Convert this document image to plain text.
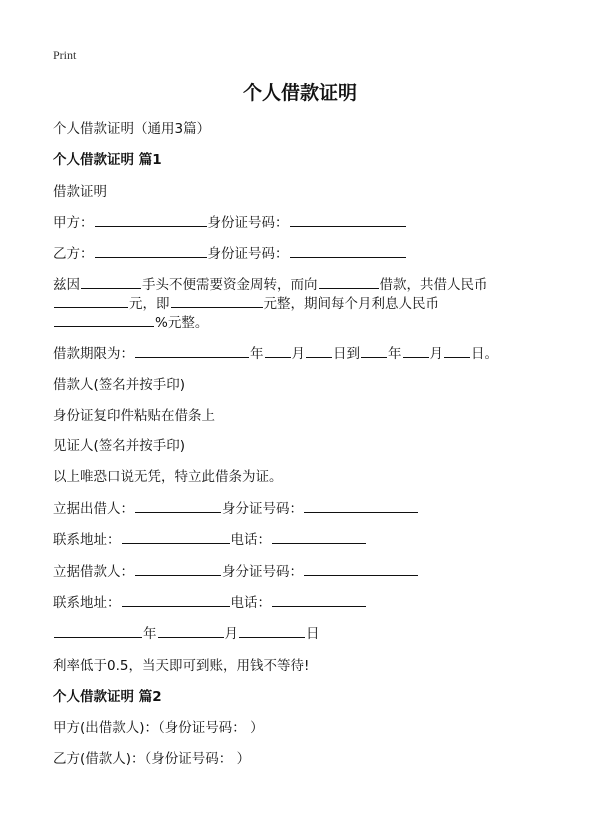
Print
个人借款证明
个人借款证明（通用3篇）
个人借款证明 篇1
借款证明
甲方：	身份证号码：
乙方：	身份证号码：
兹因	手头不便需要资金周转，而向	借款，共借人民币
元，即	元整，期间每个月利息人民币
%元整。
借款期限为：	年 月 日到 年 月 日。
借款人(签名并按手印)
身份证复印件粘贴在借条上
见证人(签名并按手印)
以上唯恐口说无凭，特立此借条为证。
立据出借人：	身分证号码：
联系地址：	电话：
立据借款人：	身分证号码：
联系地址：	电话：
年	月	日
利率低于0.5，当天即可到账，用钱不等待!
个人借款证明 篇2
甲方(出借款人)：（身份证号码： ）
乙方(借款人)：（身份证号码： ）
